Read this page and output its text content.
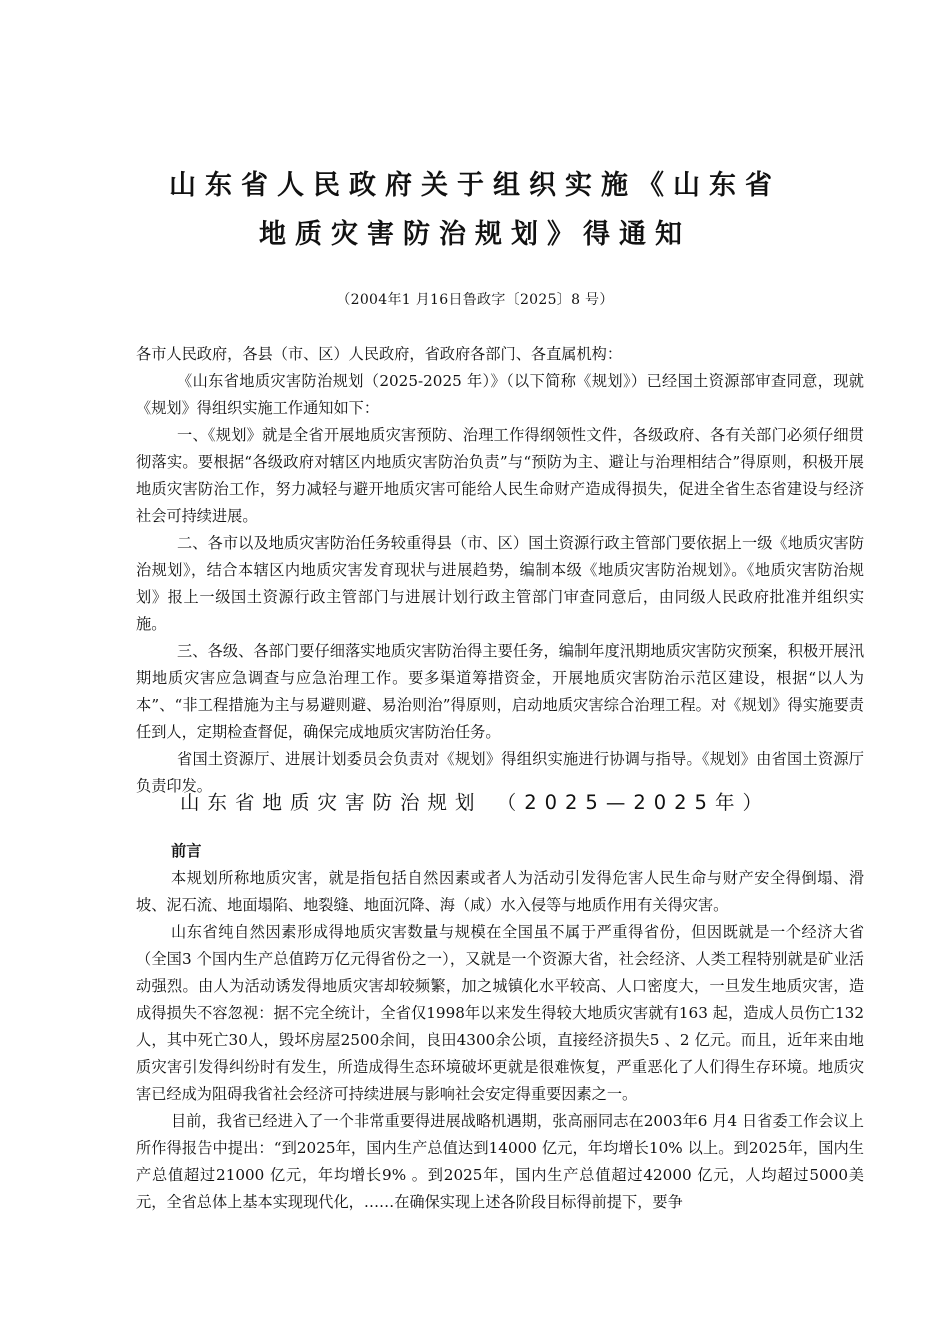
山东省人民政府关于组织实施《山东省
地质灾害防治规划》得通知
（2004年1 月16日鲁政字〔2025〕8 号）

各市人民政府，各县（市、区）人民政府，省政府各部门、各直属机构：

《山东省地质灾害防治规划（2025-2025 年）》（以下简称《规划》）已经国土资源部审查同意，现就《规划》得组织实施工作通知如下：

一、《规划》就是全省开展地质灾害预防、治理工作得纲领性文件，各级政府、各有关部门必须仔细贯彻落实。要根据“各级政府对辖区内地质灾害防治负责”与“预防为主、避让与治理相结合”得原则，积极开展地质灾害防治工作，努力减轻与避开地质灾害可能给人民生命财产造成得损失，促进全省生态省建设与经济社会可持续进展。

二、各市以及地质灾害防治任务较重得县（市、区）国土资源行政主管部门要依据上一级《地质灾害防治规划》，结合本辖区内地质灾害发育现状与进展趋势，编制本级《地质灾害防治规划》。《地质灾害防治规划》报上一级国土资源行政主管部门与进展计划行政主管部门审查同意后，由同级人民政府批准并组织实施。

三、各级、各部门要仔细落实地质灾害防治得主要任务，编制年度汛期地质灾害防灾预案，积极开展汛期地质灾害应急调查与应急治理工作。要多渠道筹措资金，开展地质灾害防治示范区建设，根据“以人为本”、“非工程措施为主与易避则避、易治则治”得原则，启动地质灾害综合治理工程。对《规划》得实施要责任到人，定期检查督促，确保完成地质灾害防治任务。

省国土资源厅、进展计划委员会负责对《规划》得组织实施进行协调与指导。《规划》由省国土资源厅负责印发。

山东省地质灾害防治规划 （2025—2025年）
前言

本规划所称地质灾害，就是指包括自然因素或者人为活动引发得危害人民生命与财产安全得倒塌、滑坡、泥石流、地面塌陷、地裂缝、地面沉降、海（咸）水入侵等与地质作用有关得灾害。

山东省纯自然因素形成得地质灾害数量与规模在全国虽不属于严重得省份，但因既就是一个经济大省（全国3 个国内生产总值跨万亿元得省份之一），又就是一个资源大省，社会经济、人类工程特别就是矿业活动强烈。由人为活动诱发得地质灾害却较频繁，加之城镇化水平较高、人口密度大，一旦发生地质灾害，造成得损失不容忽视：据不完全统计，全省仅1998年以来发生得较大地质灾害就有163 起，造成人员伤亡132 人，其中死亡30人，毁坏房屋2500余间，良田4300余公顷，直接经济损失5 、2 亿元。而且，近年来由地质灾害引发得纠纷时有发生，所造成得生态环境破坏更就是很难恢复，严重恶化了人们得生存环境。地质灾害已经成为阻碍我省社会经济可持续进展与影响社会安定得重要因素之一。

目前，我省已经进入了一个非常重要得进展战略机遇期，张高丽同志在2003年6 月4 日省委工作会议上所作得报告中提出：“到2025年，国内生产总值达到14000 亿元，年均增长10% 以上。到2025年，国内生产总值超过21000 亿元，年均增长9% 。到2025年，国内生产总值超过42000 亿元，人均超过5000美元，全省总体上基本实现现代化，……在确保实现上述各阶段目标得前提下，要争
